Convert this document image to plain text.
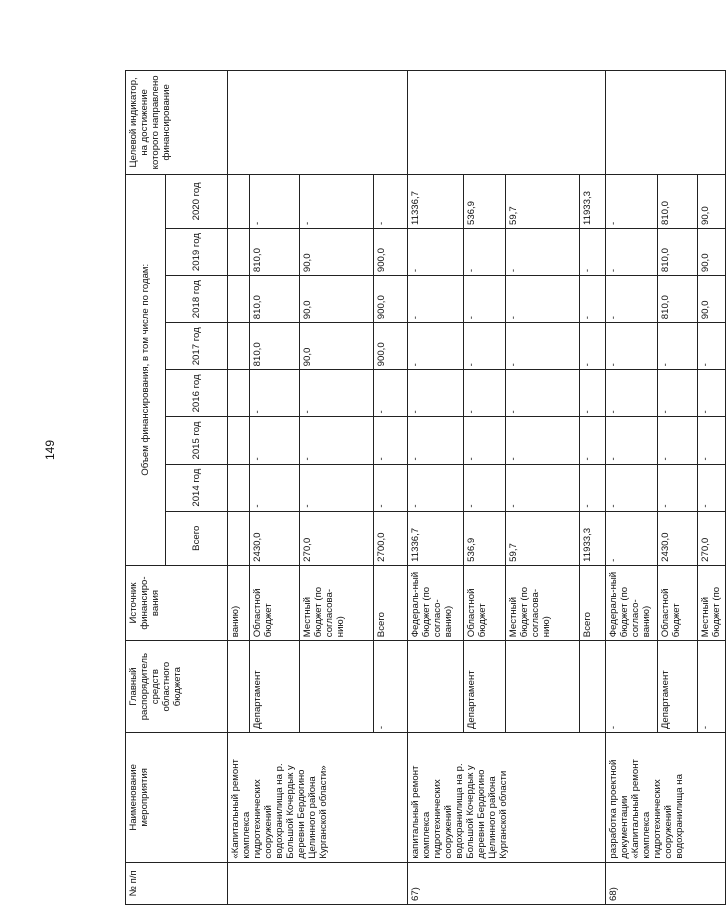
149
№ п/п	Наименование мероприятия	Главный распорядитель средств областного бюджета	Источник финансиро-вания	Объем финансирования, в том числе по годам:								Целевой индикатор, на достижение которого направлено финансирование
				Всего	2014 год	2015 год	2016 год	2017 год	2018 год	2019 год	2020 год	
	«Капитальный ремонт комплекса гидротехнических сооружений водохранилища на р. Большой Кочердык у деревни Бердюгино Целинного района Курганской области»		ванию)									
		Департамент	Областной бюджет	2430,0	-	-	-	810,0	810,0	810,0	-	
			Местный бюджет (по согласова-нию)	270,0	-	-	-	90,0	90,0	90,0	-	
		-	Всего	2700,0	-	-	-	900,0	900,0	900,0	-	
67)	капитальный ремонт комплекса гидротехнических сооружений водохранилища на р. Большой Кочердык у деревни Бердюгино Целинного района Курганской области		Федераль-ный бюджет (по согласо-ванию)	11336,7	-	-	-	-	-	-	11336,7	
		Департамент	Областной бюджет	536,9	-	-	-	-	-	-	536,9	
			Местный бюджет (по согласова-нию)	59,7	-	-	-	-	-	-	59,7	
			Всего	11933,3	-	-	-	-	-	-	11933,3	
68)	разработка проектной документации «Капитальный ремонт комплекса гидротехнических сооружений водохранилища на	-	Федераль-ный бюджет (по согласо-ванию)	-	-	-	-	-	-	-	-	
		Департамент	Областной бюджет	2430,0	-	-	-	-	810,0	810,0	810,0	
		-	Местный бюджет (по	270,0	-	-	-	-	90,0	90,0	90,0	
